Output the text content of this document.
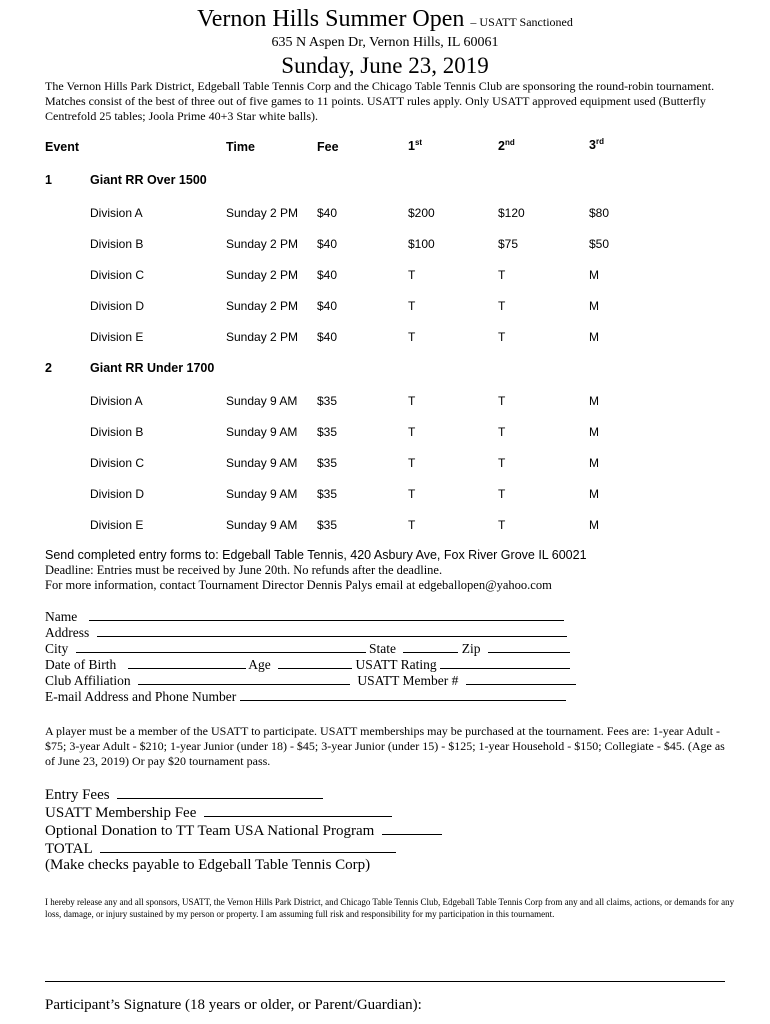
Vernon Hills Summer Open – USATT Sanctioned
635 N Aspen Dr, Vernon Hills, IL 60061
Sunday, June 23, 2019
The Vernon Hills Park District, Edgeball Table Tennis Corp and the Chicago Table Tennis Club are sponsoring the round-robin tournament. Matches consist of the best of three out of five games to 11 points. USATT rules apply. Only USATT approved equipment used (Butterfly Centrefold 25 tables; Joola Prime 40+3 Star white balls).
Event	Time	Fee	1st	2nd	3rd
1	Giant RR Over 1500
Division A	Sunday 2 PM $40	$200	$120	$80
Division B	Sunday 2 PM $40	$100	$75	$50
Division C	Sunday 2 PM $40	T	T	M
Division D	Sunday 2 PM $40	T	T	M
Division E	Sunday 2 PM $40	T	T	M
2	Giant RR Under 1700
Division A	Sunday 9 AM $35	T	T	M
Division B	Sunday 9 AM $35	T	T	M
Division C	Sunday 9 AM $35	T	T	M
Division D	Sunday 9 AM $35	T	T	M
Division E	Sunday 9 AM $35	T	T	M
Send completed entry forms to: Edgeball Table Tennis, 420 Asbury Ave, Fox River Grove IL 60021
Deadline: Entries must be received by June 20th. No refunds after the deadline.
For more information, contact Tournament Director Dennis Palys email at edgeballopen@yahoo.com
Name
Address
City	State	Zip
Date of Birth	Age	USATT Rating
Club Affiliation	USATT Member #
E-mail Address and Phone Number
A player must be a member of the USATT to participate. USATT memberships may be purchased at the tournament. Fees are: 1-year Adult - $75; 3-year Adult - $210; 1-year Junior (under 18) - $45; 3-year Junior (under 15) - $125; 1-year Household - $150; Collegiate - $45. (Age as of June 23, 2019) Or pay $20 tournament pass.
Entry Fees
USATT Membership Fee
Optional Donation to TT Team USA National Program
TOTAL
(Make checks payable to Edgeball Table Tennis Corp)
I hereby release any and all sponsors, USATT, the Vernon Hills Park District, and Chicago Table Tennis Club, Edgeball Table Tennis Corp from any and all claims, actions, or demands for any loss, damage, or injury sustained by my person or property. I am assuming full risk and responsibility for my participation in this tournament.
Participant’s Signature (18 years or older, or Parent/Guardian):
